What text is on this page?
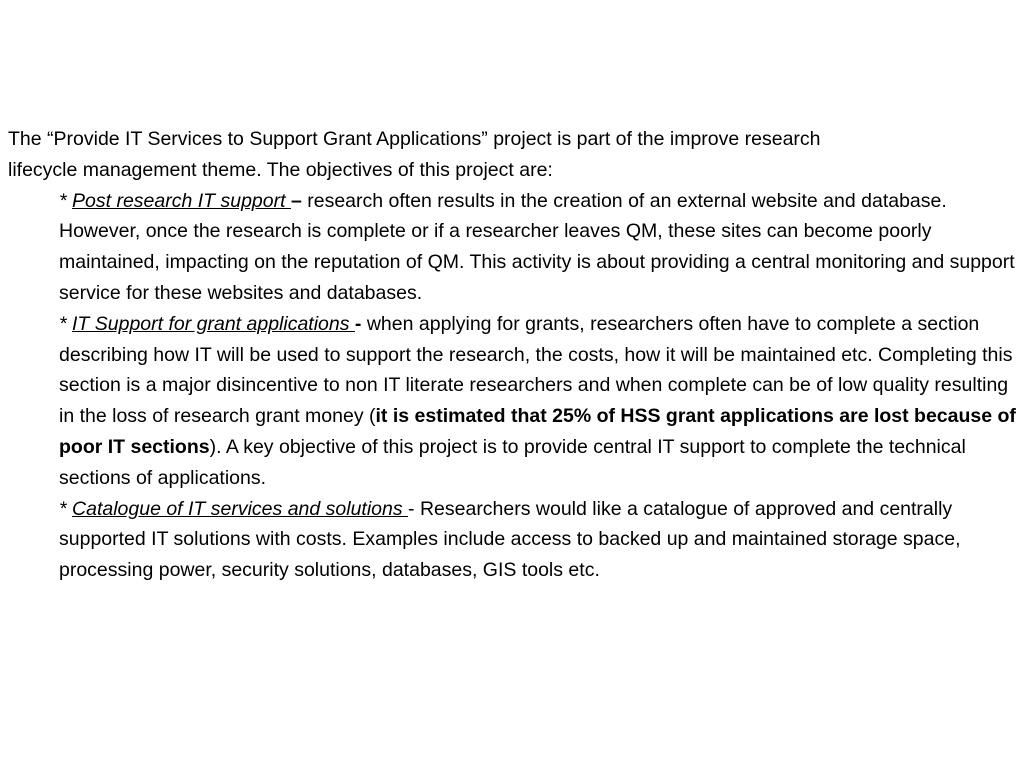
The “Provide IT Services to Support Grant Applications” project is part of the improve research
lifecycle management theme. The objectives of this project are:

* Post research IT support – research often results in the creation of an external website and database. However, once the research is complete or if a researcher leaves QM, these sites can become poorly maintained, impacting on the reputation of QM. This activity is about providing a central monitoring and support service for these websites and databases.

* IT Support for grant applications - when applying for grants, researchers often have to complete a section describing how IT will be used to support the research, the costs, how it will be maintained etc. Completing this section is a major disincentive to non IT literate researchers and when complete can be of low quality resulting in the loss of research grant money (it is estimated that 25% of HSS grant applications are lost because of poor IT sections). A key objective of this project is to provide central IT support to complete the technical sections of applications.

* Catalogue of IT services and solutions - Researchers would like a catalogue of approved and centrally supported IT solutions with costs. Examples include access to backed up and maintained storage space, processing power, security solutions, databases, GIS tools etc.
